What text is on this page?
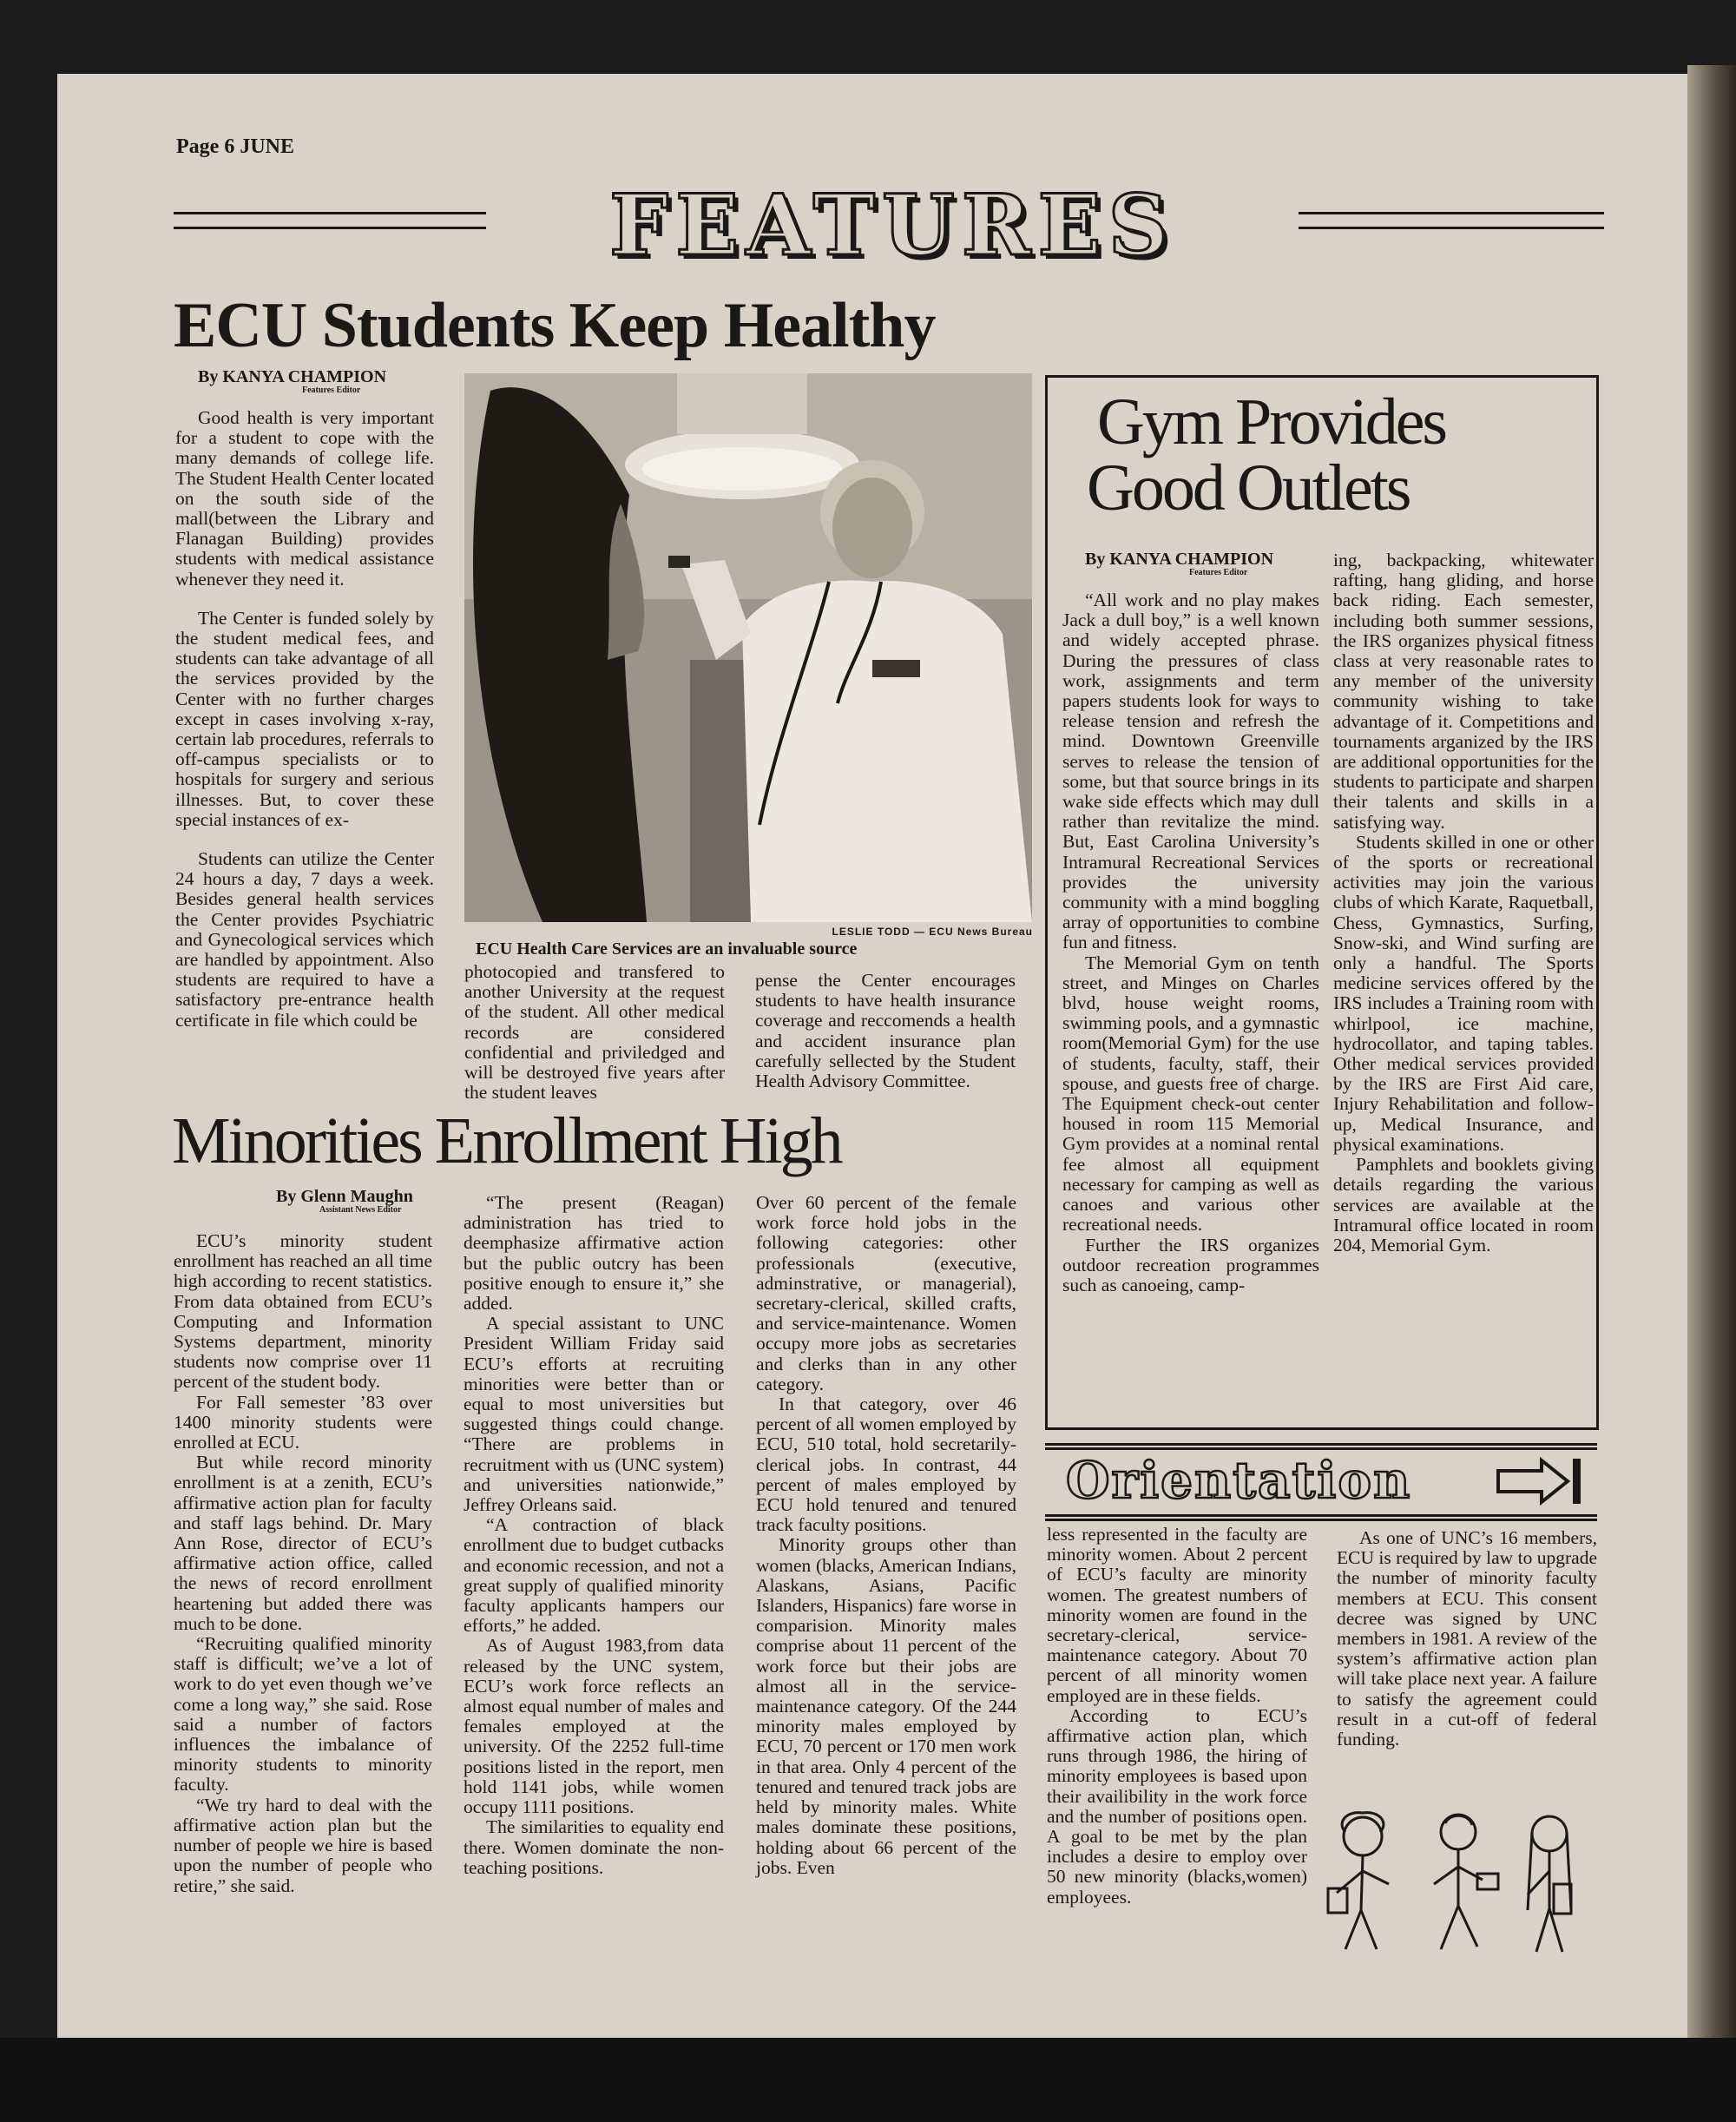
Page 6 JUNE
FEATURES
ECU Students Keep Healthy
By KANYA CHAMPION
Features Editor

Good health is very important for a student to cope with the many demands of college life. The Student Health Center located on the south side of the mall(between the Library and Flanagan Building) provides students with medical assistance whenever they need it.

The Center is funded solely by the student medical fees, and students can take advantage of all the services provided by the Center with no further charges except in cases involving x-ray, certain lab procedures, referrals to off-campus specialists or to hospitals for surgery and serious illnesses. But, to cover these special instances of ex-

Students can utilize the Center 24 hours a day, 7 days a week. Besides general health services the Center provides Psychiatric and Gynecological services which are handled by appointment. Also students are required to have a satisfactory pre-entrance health certificate in file which could be

LESLIE TODD — ECU News Bureau
ECU Health Care Services are an invaluable source
photocopied and transfered to another University at the request of the student. All other medical records are considered confidential and priviledged and will be destroyed five years after the student leaves
pense the Center encourages students to have health insurance coverage and reccomends a health and accident insurance plan carefully sellected by the Student Health Advisory Committee.
Gym Provides
Good Outlets
By KANYA CHAMPION
Features Editor

“All work and no play makes Jack a dull boy,” is a well known and widely accepted phrase. During the pressures of class work, assignments and term papers students look for ways to release tension and refresh the mind. Downtown Greenville serves to release the tension of some, but that source brings in its wake side effects which may dull rather than revitalize the mind. But, East Carolina University’s Intramural Recreational Services provides the university community with a mind boggling array of opportunities to combine fun and fitness.

The Memorial Gym on tenth street, and Minges on Charles blvd, house weight rooms, swimming pools, and a gymnastic room(Memorial Gym) for the use of students, faculty, staff, their spouse, and guests free of charge. The Equipment check-out center housed in room 115 Memorial Gym provides at a nominal rental fee almost all equipment necessary for camping as well as canoes and various other recreational needs.

Further the IRS organizes outdoor recreation programmes such as canoeing, camp-

ing, backpacking, whitewater rafting, hang gliding, and horse back riding. Each semester, including both summer sessions, the IRS organizes physical fitness class at very reasonable rates to any member of the university community wishing to take advantage of it. Competitions and tournaments arganized by the IRS are additional opportunities for the students to participate and sharpen their talents and skills in a satisfying way.

Students skilled in one or other of the sports or recreational activities may join the various clubs of which Karate, Raquetball, Chess, Gymnastics, Surfing, Snow-ski, and Wind surfing are only a handful. The Sports medicine services offered by the IRS includes a Training room with whirlpool, ice machine, hydrocollator, and taping tables. Other medical services provided by the IRS are First Aid care, Injury Rehabilitation and follow-up, Medical Insurance, and physical examinations.

Pamphlets and booklets giving details regarding the various services are available at the Intramural office located in room 204, Memorial Gym.

Minorities Enrollment High
By Glenn Maughn
Assistant News Editor

ECU’s minority student enrollment has reached an all time high according to recent statistics. From data obtained from ECU’s Computing and Information Systems department, minority students now comprise over 11 percent of the student body.

For Fall semester ’83 over 1400 minority students were enrolled at ECU.

But while record minority enrollment is at a zenith, ECU’s affirmative action plan for faculty and staff lags behind. Dr. Mary Ann Rose, director of ECU’s affirmative action office, called the news of record enrollment heartening but added there was much to be done.

“Recruiting qualified minority staff is difficult; we’ve a lot of work to do yet even though we’ve come a long way,” she said. Rose said a number of factors influences the imbalance of minority students to minority faculty.

“We try hard to deal with the affirmative action plan but the number of people we hire is based upon the number of people who retire,” she said.

“The present (Reagan) administration has tried to deemphasize affirmative action but the public outcry has been positive enough to ensure it,” she added.

A special assistant to UNC President William Friday said ECU’s efforts at recruiting minorities were better than or equal to most universities but suggested things could change. “There are problems in recruitment with us (UNC system) and universities nationwide,” Jeffrey Orleans said.

“A contraction of black enrollment due to budget cutbacks and economic recession, and not a great supply of qualified minority faculty applicants hampers our efforts,” he added.

As of August 1983,from data released by the UNC system, ECU’s work force reflects an almost equal number of males and females employed at the university. Of the 2252 full-time positions listed in the report, men hold 1141 jobs, while women occupy 1111 positions.

The similarities to equality end there. Women dominate the non-teaching positions.

Over 60 percent of the female work force hold jobs in the following categories: other professionals (executive, adminstrative, or managerial), secretary-clerical, skilled crafts, and service-maintenance. Women occupy more jobs as secretaries and clerks than in any other category.

In that category, over 46 percent of all women employed by ECU, 510 total, hold secretarily-clerical jobs. In contrast, 44 percent of males employed by ECU hold tenured and tenured track faculty positions.

Minority groups other than women (blacks, American Indians, Alaskans, Asians, Pacific Islanders, Hispanics) fare worse in comparision. Minority males comprise about 11 percent of the work force but their jobs are almost all in the service-maintenance category. Of the 244 minority males employed by ECU, 70 percent or 170 men work in that area. Only 4 percent of the tenured and tenured track jobs are held by minority males. White males dominate these positions, holding about 66 percent of the jobs. Even

Orientation

less represented in the faculty are minority women. About 2 percent of ECU’s faculty are minority women. The greatest numbers of minority women are found in the secretary-clerical, service-maintenance category. About 70 percent of all minority women employed are in these fields.

According to ECU’s affirmative action plan, which runs through 1986, the hiring of minority employees is based upon their availibility in the work force and the number of positions open. A goal to be met by the plan includes a desire to employ over 50 new minority (blacks,women) employees.

As one of UNC’s 16 members, ECU is required by law to upgrade the number of minority faculty members at ECU. This consent decree was signed by UNC members in 1981. A review of the system’s affirmative action plan will take place next year. A failure to satisfy the agreement could result in a cut-off of federal funding.
